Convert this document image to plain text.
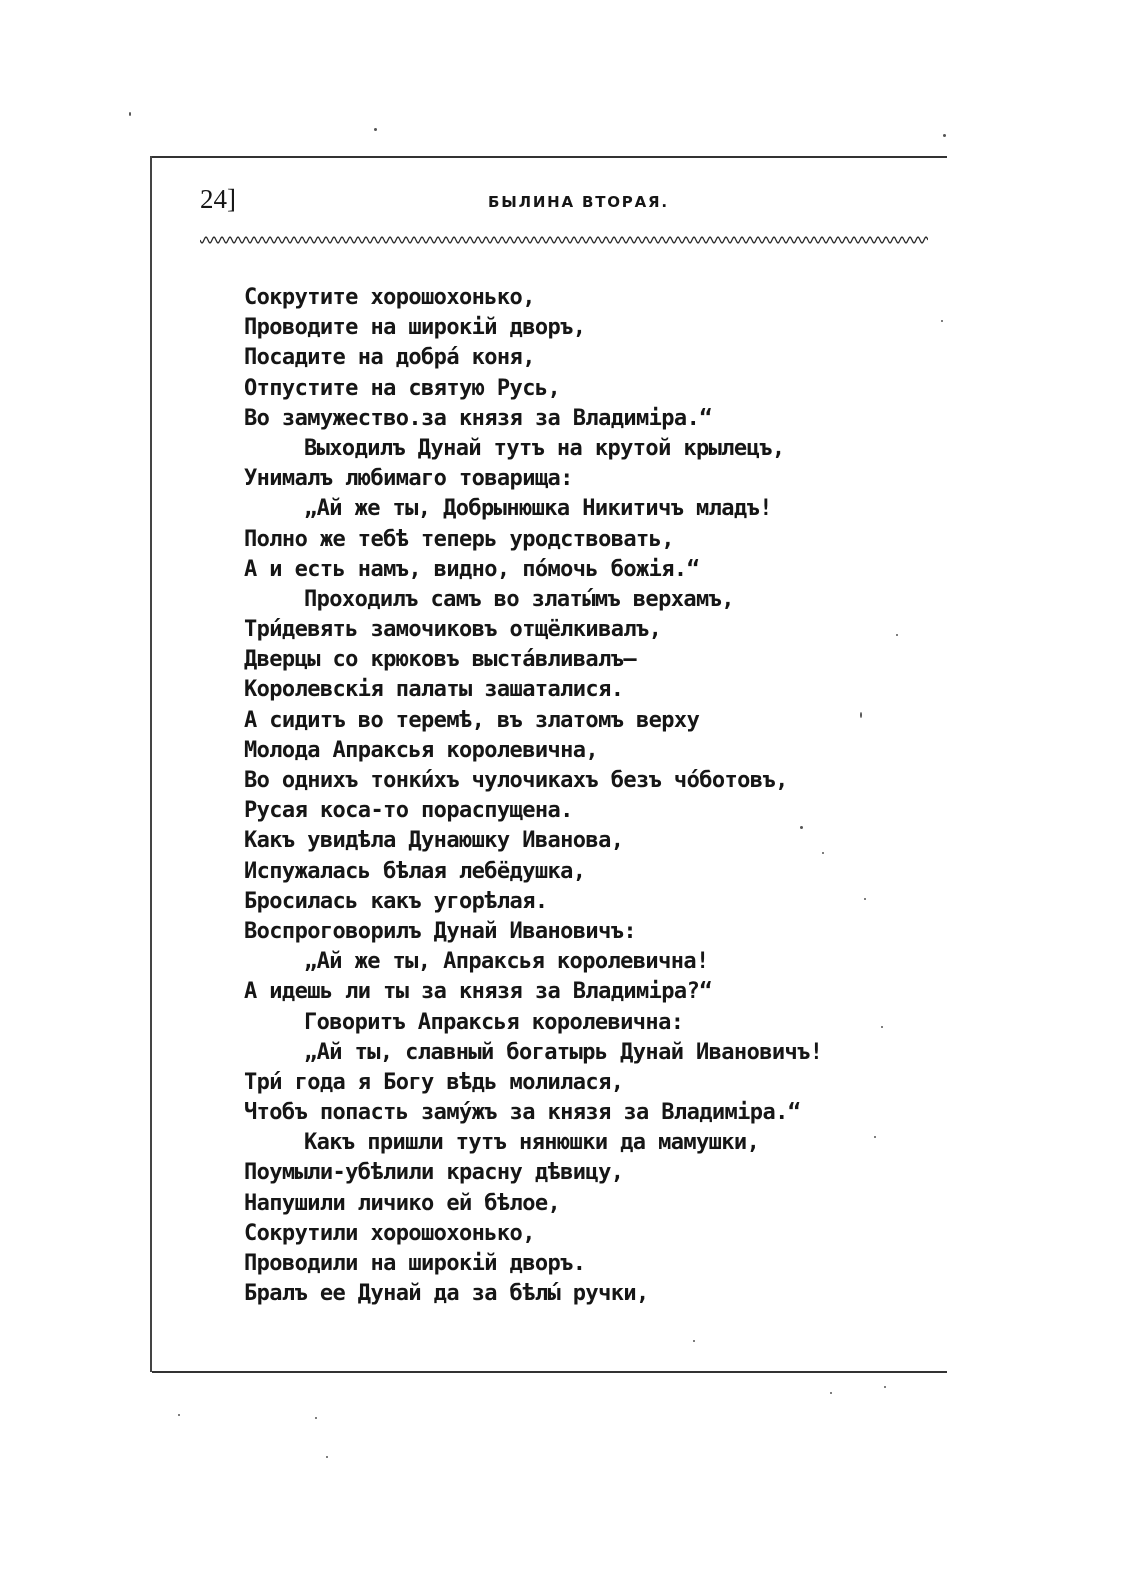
24]	БЫЛИНА ВТОРАЯ.
Сокрутите хорошохонько,
Проводите на широкій дворъ,
Посадите на добрá коня,
Отпустите на святую Русь,
Во замужество.за князя за Владиміра.“
Выходилъ Дунай тутъ на крутой крылецъ,
Унималъ любимаго товарища:
„Ай же ты, Добрынюшка Никитичъ младъ!
Полно же тебѣ теперь уродствовать,
А и есть намъ, видно, пóмочь божія.“
Проходилъ самъ во златы́мъ верхамъ,
Три́девять замочиковъ отщёлкивалъ,
Дверцы со крюковъ выстáвливалъ—
Королевскія палаты зашаталися.
А сидитъ во теремѣ, въ златомъ верху
Молода Апраксья королевична,
Во однихъ тонки́хъ чулочикахъ безъ чóботовъ,
Русая коса-то пораспущена.
Какъ увидѣла Дунаюшку Иванова,
Испужалась бѣлая лебёдушка,
Бросилась какъ угорѣлая.
Воспроговорилъ Дунай Ивановичъ:
„Ай же ты, Апраксья королевична!
А идешь ли ты за князя за Владиміра?“
Говоритъ Апраксья королевична:
„Ай ты, славный богатырь Дунай Ивановичъ!
Три́ года я Богу вѣдь молилася,
Чтобъ попасть замýжъ за князя за Владиміра.“
Какъ пришли тутъ нянюшки да мамушки,
Поумыли-убѣлили красну дѣвицу,
Напушили личико ей бѣлое,
Сокрутили хорошохонько,
Проводили на широкій дворъ.
Бралъ ее Дунай да за бѣлы́ ручки,
